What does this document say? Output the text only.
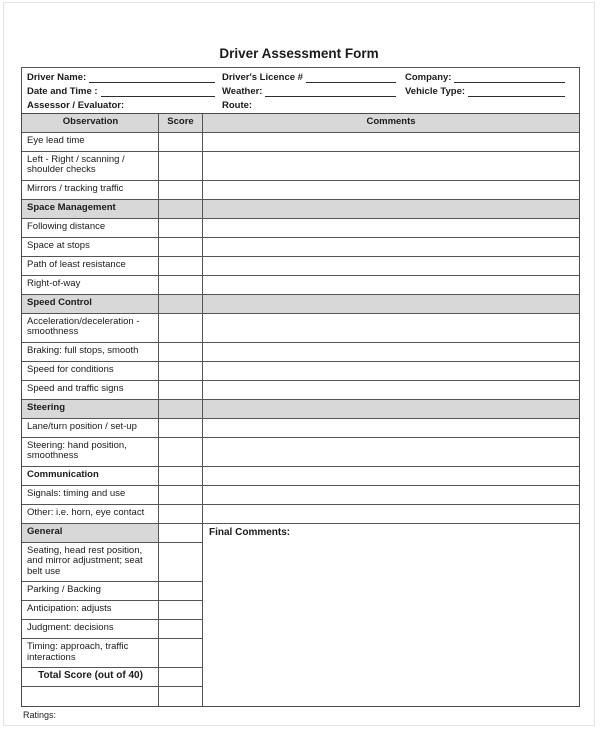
Driver Assessment Form
Driver Name:	Driver's Licence #	Company:
Date and Time :	Weather:	Vehicle Type:
Assessor / Evaluator:	Route:
Observation	Score	Comments
Eye lead time
Left - Right / scanning / shoulder checks
Mirrors / tracking traffic
Space Management
Following distance
Space at stops
Path of least resistance
Right-of-way
Speed Control
Acceleration/deceleration - smoothness
Braking: full stops, smooth
Speed for conditions
Speed and traffic signs
Steering
Lane/turn position / set-up
Steering: hand position, smoothness
Communication
Signals: timing and use
Other: i.e. horn, eye contact
General
Seating, head rest position, and mirror adjustment; seat belt use
Parking / Backing
Anticipation: adjusts
Judgment: decisions
Timing: approach, traffic interactions
Total Score (out of 40)
Final Comments:
Ratings:
